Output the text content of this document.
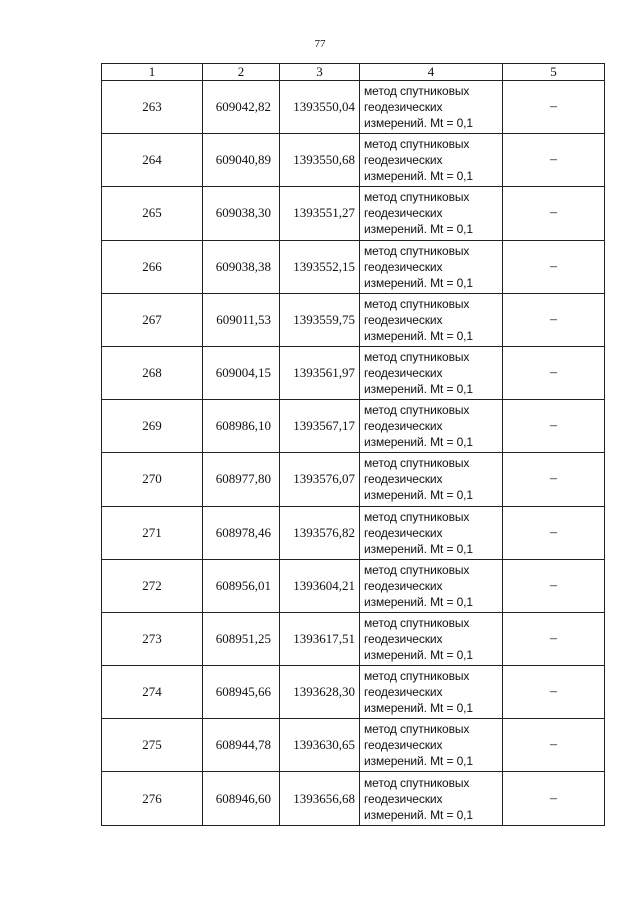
77
1	2	3	4	5
263	609042,82	1393550,04	метод спутниковых
геодезических
измерений. Mt = 0,1	–
264	609040,89	1393550,68	метод спутниковых
геодезических
измерений. Mt = 0,1	–
265	609038,30	1393551,27	метод спутниковых
геодезических
измерений. Mt = 0,1	–
266	609038,38	1393552,15	метод спутниковых
геодезических
измерений. Mt = 0,1	–
267	609011,53	1393559,75	метод спутниковых
геодезических
измерений. Mt = 0,1	–
268	609004,15	1393561,97	метод спутниковых
геодезических
измерений. Mt = 0,1	–
269	608986,10	1393567,17	метод спутниковых
геодезических
измерений. Mt = 0,1	–
270	608977,80	1393576,07	метод спутниковых
геодезических
измерений. Mt = 0,1	–
271	608978,46	1393576,82	метод спутниковых
геодезических
измерений. Mt = 0,1	–
272	608956,01	1393604,21	метод спутниковых
геодезических
измерений. Mt = 0,1	–
273	608951,25	1393617,51	метод спутниковых
геодезических
измерений. Mt = 0,1	–
274	608945,66	1393628,30	метод спутниковых
геодезических
измерений. Mt = 0,1	–
275	608944,78	1393630,65	метод спутниковых
геодезических
измерений. Mt = 0,1	–
276	608946,60	1393656,68	метод спутниковых
геодезических
измерений. Mt = 0,1	–
